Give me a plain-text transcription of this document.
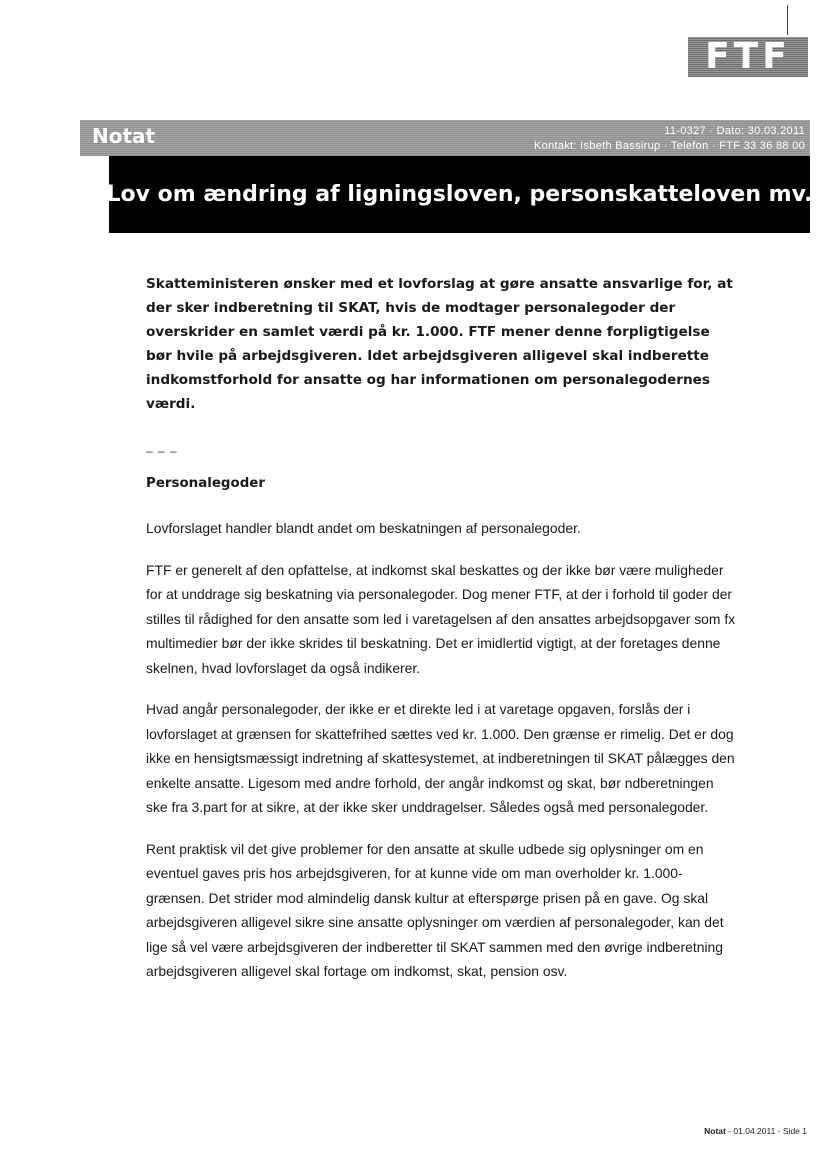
FTF
Notat	11-0327 · Dato: 30.03.2011
Kontakt: Isbeth Bassirup · Telefon · FTF 33 36 88 00
Lov om ændring af ligningsloven, personskatteloven mv.

Skatteministeren ønsker med et lovforslag at gøre ansatte ansvarlige for, at der sker indberetning til SKAT, hvis de modtager personalegoder der overskrider en samlet værdi på kr. 1.000. FTF mener denne forpligtigelse bør hvile på arbejdsgiveren. Idet arbejdsgiveren alligevel skal indberette indkomstforhold for ansatte og har informationen om personalegodernes værdi.

– – –
Personalegoder

Lovforslaget handler blandt andet om beskatningen af personalegoder.

FTF er generelt af den opfattelse, at indkomst skal beskattes og der ikke bør være muligheder for at unddrage sig beskatning via personalegoder. Dog mener FTF, at der i forhold til goder der stilles til rådighed for den ansatte som led i varetagelsen af den ansattes arbejdsopgaver som fx multimedier bør der ikke skrides til beskatning. Det er imidlertid vigtigt, at der foretages denne skelnen, hvad lovforslaget da også indikerer.

Hvad angår personalegoder, der ikke er et direkte led i at varetage opgaven, forslås der i lovforslaget at grænsen for skattefrihed sættes ved kr. 1.000. Den grænse er rimelig. Det er dog ikke en hensigtsmæssigt indretning af skattesystemet, at indberetningen til SKAT pålægges den enkelte ansatte. Ligesom med andre forhold, der angår indkomst og skat, bør ndberetningen ske fra 3.part for at sikre, at der ikke sker unddragelser. Således også med personalegoder.

Rent praktisk vil det give problemer for den ansatte at skulle udbede sig oplysninger om en eventuel gaves pris hos arbejdsgiveren, for at kunne vide om man overholder kr. 1.000-grænsen. Det strider mod almindelig dansk kultur at efterspørge prisen på en gave. Og skal arbejdsgiveren alligevel sikre sine ansatte oplysninger om værdien af personalegoder, kan det lige så vel være arbejdsgiveren der indberetter til SKAT sammen med den øvrige indberetning arbejdsgiveren alligevel skal fortage om indkomst, skat, pension osv.

Notat - 01.04.2011 - Side 1
